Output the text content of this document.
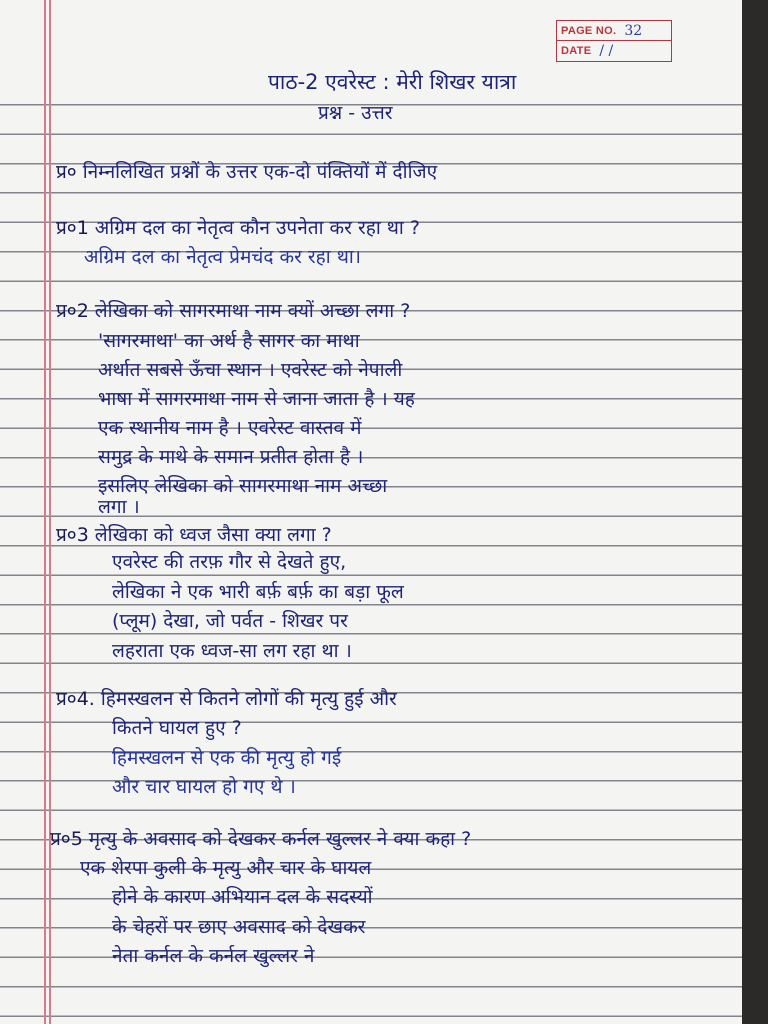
PAGE NO. 32
DATE / /
पाठ-2 एवरेस्ट : मेरी शिखर यात्रा
प्रश्न - उत्तर
प्र० निम्नलिखित प्रश्नों के उत्तर एक-दो पंक्तियों में दीजिए
प्र०1 अग्रिम दल का नेतृत्व कौन उपनेता कर रहा था ?
अग्रिम दल का नेतृत्व प्रेमचंद कर रहा था।
प्र०2 लेखिका को सागरमाथा नाम क्यों अच्छा लगा ?
'सागरमाथा' का अर्थ है सागर का माथा
अर्थात सबसे ऊँचा स्थान । एवरेस्ट को नेपाली
भाषा में सागरमाथा नाम से जाना जाता है । यह
एक स्थानीय नाम है । एवरेस्ट वास्तव में
समुद्र के माथे के समान प्रतीत होता है ।
इसलिए लेखिका को सागरमाथा नाम अच्छा
लगा ।
प्र०3 लेखिका को ध्वज जैसा क्या लगा ?
एवरेस्ट की तरफ़ गौर से देखते हुए,
लेखिका ने एक भारी बर्फ़ बर्फ़ का बड़ा फूल
(प्लूम) देखा, जो पर्वत - शिखर पर
लहराता एक ध्वज-सा लग रहा था ।
प्र०4. हिमस्खलन से कितने लोगों की मृत्यु हुई और
कितने घायल हुए ?
हिमस्खलन से एक की मृत्यु हो गई
और चार घायल हो गए थे ।
प्र०5 मृत्यु के अवसाद को देखकर कर्नल खुल्लर ने क्या कहा ?
एक शेरपा कुली के मृत्यु और चार के घायल
होने के कारण अभियान दल के सदस्यों
के चेहरों पर छाए अवसाद को देखकर
नेता कर्नल के कर्नल खुल्लर ने
